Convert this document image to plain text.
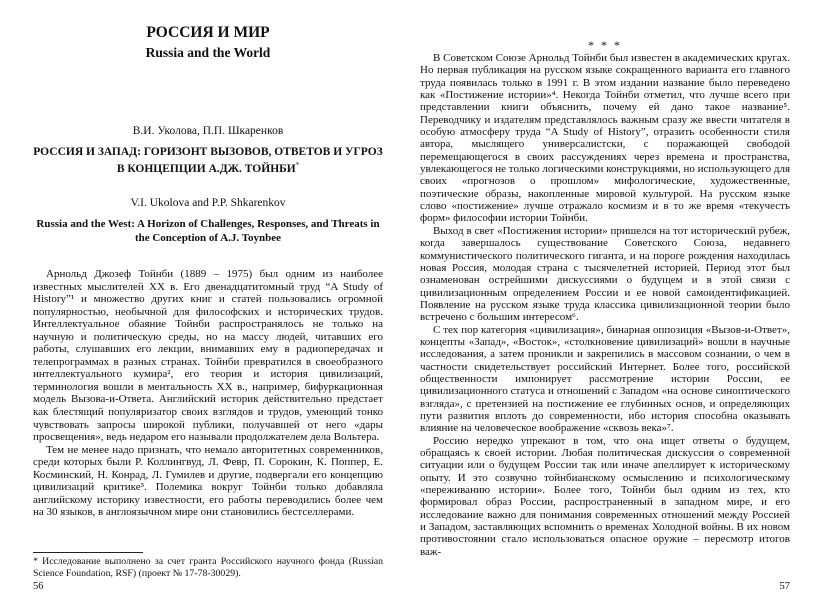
РОССИЯ И МИР
Russia and the World
В.И. Уколова, П.П. Шкаренков
РОССИЯ И ЗАПАД: ГОРИЗОНТ ВЫЗОВОВ, ОТВЕТОВ И УГРОЗ В КОНЦЕПЦИИ А.ДЖ. ТОЙНБИ*
V.I. Ukolova and P.P. Shkarenkov
Russia and the West: A Horizon of Challenges, Responses, and Threats in the Conception of A.J. Toynbee

Арнольд Джозеф Тойнби (1889 – 1975) был одним из наиболее известных мыслителей XX в. Его двенадцатитомный труд “A Study of History”¹ и множество других книг и статей пользовались огромной популярностью, необычной для философских и исторических трудов. Интеллектуальное обаяние Тойнби распространялось не только на научную и политическую среды, но на массу людей, читавших его работы, слушавших его лекции, внимавших ему в радиопередачах и телепрограммах в разных странах. Тойнби превратился в своеобразного интеллектуального кумира², его теория и история цивилизаций, терминология вошли в ментальность XX в., например, бифуркационная модель Вызова-и-Ответа. Английский историк действительно предстает как блестящий популяризатор своих взглядов и трудов, умеющий тонко чувствовать запросы широкой публики, получавшей от него «дары просвещения», ведь недаром его называли продолжателем дела Вольтера.

Тем не менее надо признать, что немало авторитетных современников, среди которых были Р. Коллингвуд, Л. Февр, П. Сорокин, К. Поппер, Е. Косминский, Н. Конрад, Л. Гумилев и другие, подвергали его концепцию цивилизаций критике³. Полемика вокруг Тойнби только добавляла английскому историку известности, его работы переводились более чем на 30 языков, в англоязычном мире они становились бестселлерами.

* Исследование выполнено за счет гранта Российского научного фонда (Russian Science Foundation, RSF) (проект № 17-78-30029).
56
* * *

В Советском Союзе Арнольд Тойнби был известен в академических кругах. Но первая публикация на русском языке сокращенного варианта его главного труда появилась только в 1991 г. В этом издании название было переведено как «Постижение истории»⁴. Некогда Тойнби отметил, что лучше всего при представлении книги объяснить, почему ей дано такое название⁵. Переводчику и издателям представлялось важным сразу же ввести читателя в особую атмосферу труда “A Study of History”, отразить особенности стиля автора, мыслящего универсалистски, с поражающей свободой перемещающегося в своих рассуждениях через времена и пространства, увлекающегося не только логическими конструкциями, но использующего для своих «прогнозов о прошлом» мифологические, художественные, поэтические образы, накопленные мировой культурой. На русском языке слово «постижение» лучше отражало космизм и в то же время «текучесть форм» философии истории Тойнби.

Выход в свет «Постижения истории» пришелся на тот исторический рубеж, когда завершалось существование Советского Союза, недавнего коммунистического политического гиганта, и на пороге рождения находилась новая Россия, молодая страна с тысячелетней историей. Период этот был ознаменован острейшими дискуссиями о будущем и в этой связи с цивилизационным определением России и ее новой самоидентификацией. Появление на русском языке труда классика цивилизационной теории было встречено с большим интересом⁶.

С тех пор категория «цивилизация», бинарная оппозиция «Вызов-и-Ответ», концепты «Запад», «Восток», «столкновение цивилизаций» вошли в научные исследования, а затем проникли и закрепились в массовом сознании, о чем в частности свидетельствует российский Интернет. Более того, российской общественности импонирует рассмотрение истории России, ее цивилизационного статуса и отношений с Западом «на основе синоптического взгляда», с претензией на постижение ее глубинных основ, и определяющих пути развития вплоть до современности, ибо история способна оказывать влияние на человеческое воображение «сквозь века»⁷.

Россию нередко упрекают в том, что она ищет ответы о будущем, обращаясь к своей истории. Любая политическая дискуссия о современной ситуации или о будущем России так или иначе апеллирует к историческому опыту. И это созвучно тойнбианскому осмыслению и психологическому «переживанию истории». Более того, Тойнби был одним из тех, кто формировал образ России, распространенный в западном мире, и его исследование важно для понимания современных отношений между Россией и Западом, заставляющих вспомнить о временах Холодной войны. В их новом противостоянии стало использоваться опасное оружие – пересмотр итогов важ-

57
